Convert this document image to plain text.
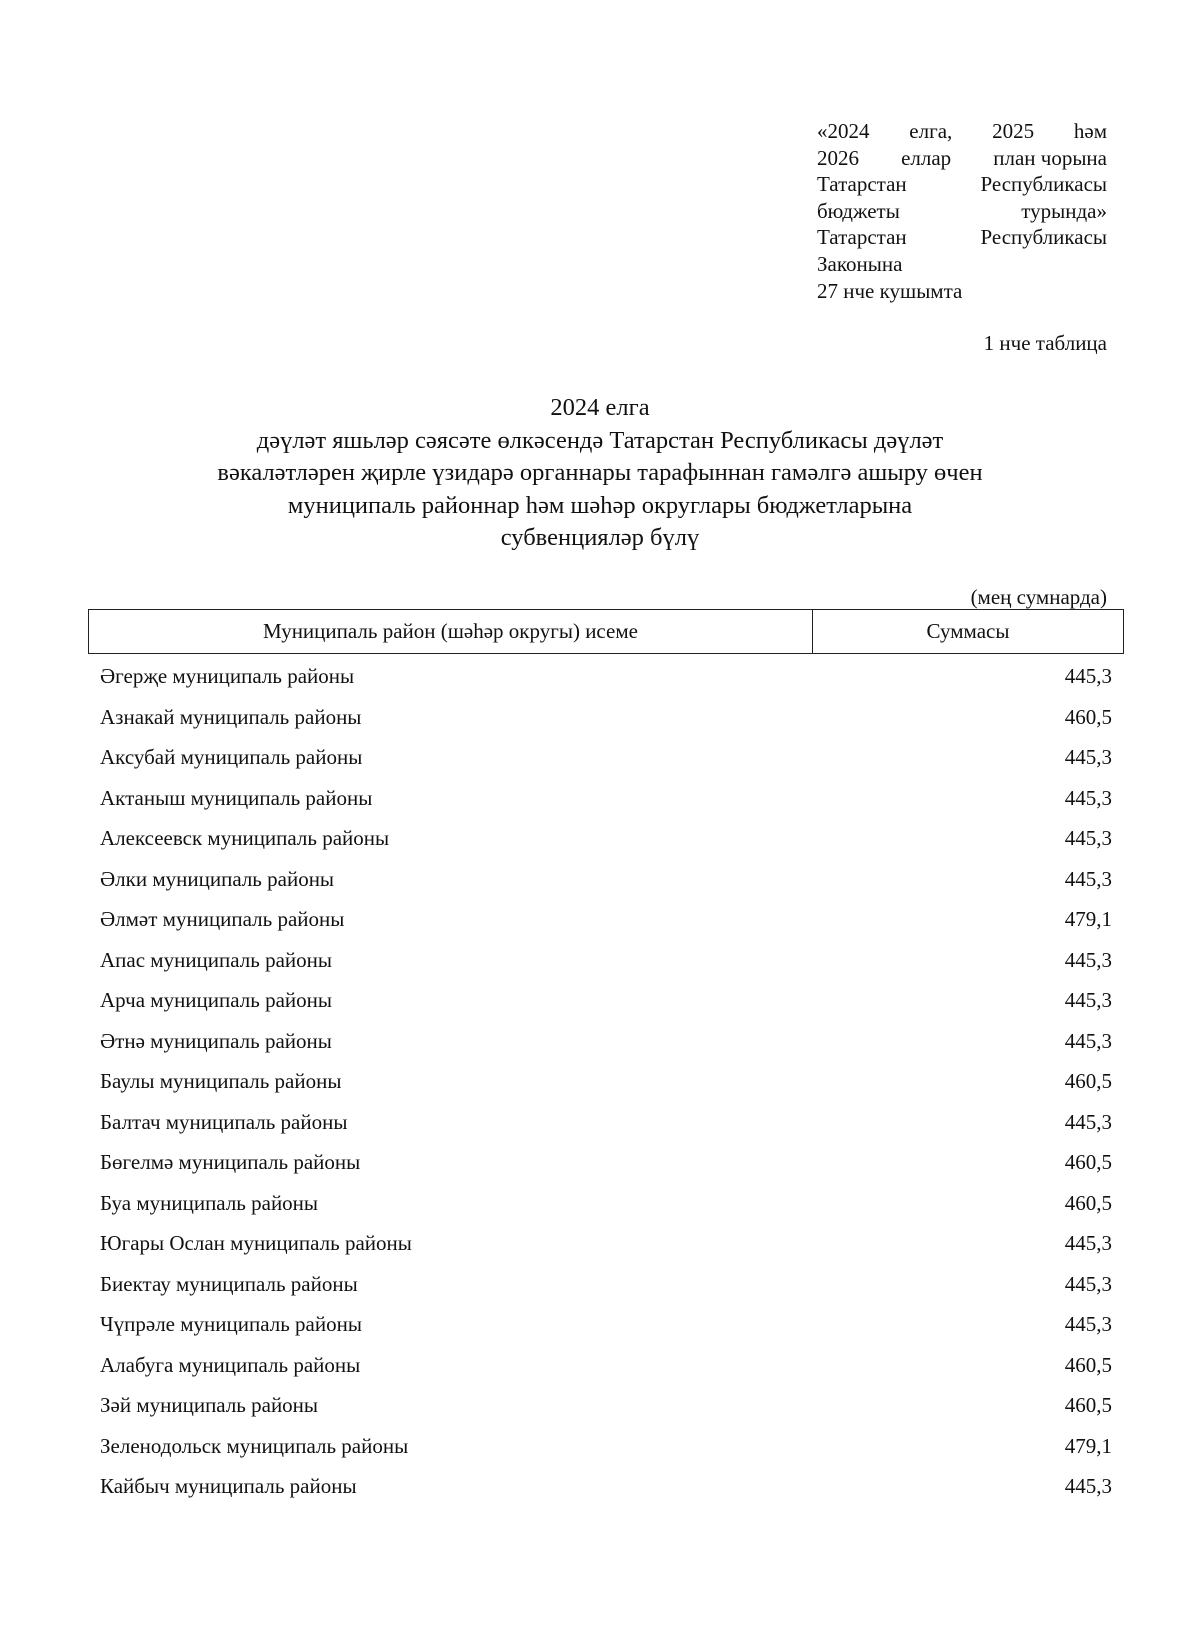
«2024 елга, 2025 һәм
2026 еллар план чорына
Татарстан	Республикасы
бюджеты	турында»
Татарстан	Республикасы
Законына
27 нче кушымта
1 нче таблица
2024 елга
дәүләт яшьләр сәясәте өлкәсендә Татарстан Республикасы дәүләт
вәкаләтләрен җирле үзидарә органнары тарафыннан гамәлгә ашыру өчен
муниципаль районнар һәм шәһәр округлары бюджетларына
субвенцияләр бүлү
(мең сумнарда)
Муниципаль район (шәһәр округы) исеме	Суммасы
Әгерҗе муниципаль районы	445,3
Азнакай муниципаль районы	460,5
Аксубай муниципаль районы	445,3
Актаныш муниципаль районы	445,3
Алексеевск муниципаль районы	445,3
Әлки муниципаль районы	445,3
Әлмәт муниципаль районы	479,1
Апас муниципаль районы	445,3
Арча муниципаль районы	445,3
Әтнә муниципаль районы	445,3
Баулы муниципаль районы	460,5
Балтач муниципаль районы	445,3
Бөгелмә муниципаль районы	460,5
Буа муниципаль районы	460,5
Югары Ослан муниципаль районы	445,3
Биектау муниципаль районы	445,3
Чүпрәле муниципаль районы	445,3
Алабуга муниципаль районы	460,5
Зәй муниципаль районы	460,5
Зеленодольск муниципаль районы	479,1
Кайбыч муниципаль районы	445,3
